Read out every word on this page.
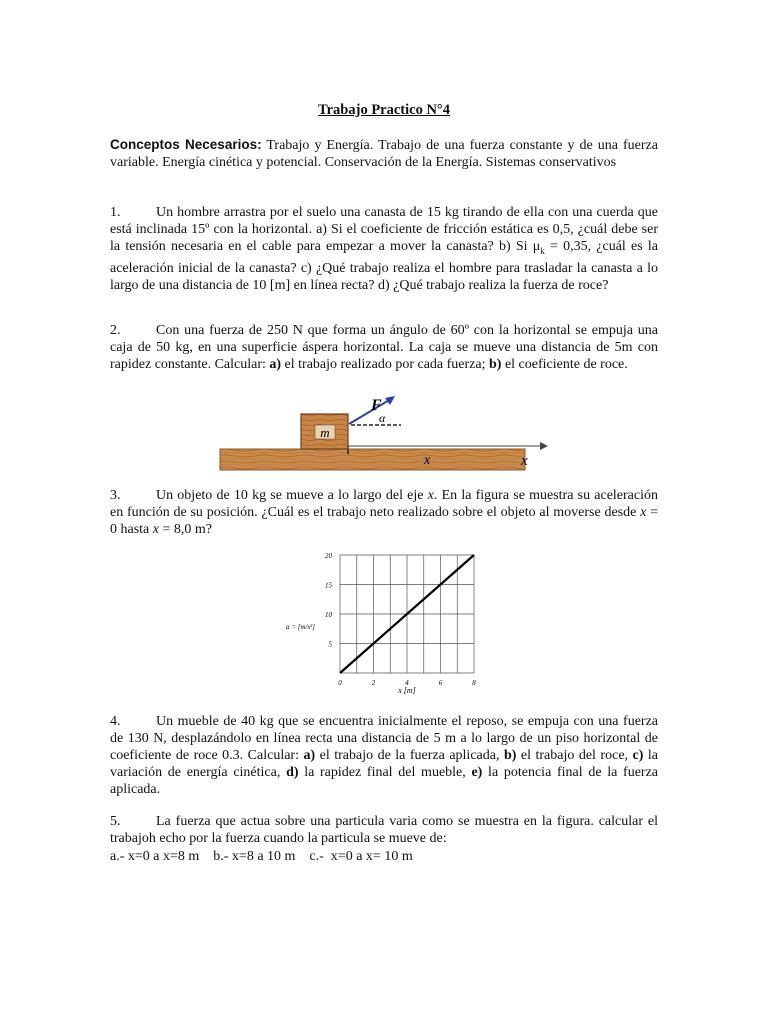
Trabajo Practico N°4
Conceptos Necesarios: Trabajo y Energía. Trabajo de una fuerza constante y de una fuerza variable. Energía cinética y potencial. Conservación de la Energía. Sistemas conservativos
1.	Un hombre arrastra por el suelo una canasta de 15 kg tirando de ella con una cuerda que está inclinada 15º con la horizontal. a) Si el coeficiente de fricción estática es 0,5, ¿cuál debe ser la tensión necesaria en el cable para empezar a mover la canasta? b) Si $\mu_k = 0,35$, ¿cuál es la aceleración inicial de la canasta? c) ¿Qué trabajo realiza el hombre para trasladar la canasta a lo largo de una distancia de 10 [m] en línea recta? d) ¿Qué trabajo realiza la fuerza de roce?
2.	Con una fuerza de 250 N que forma un ángulo de 60º con la horizontal se empuja una caja de 50 kg, en una superficie áspera horizontal. La caja se mueve una distancia de 5m con rapidez constante. Calcular: a) el trabajo realizado por cada fuerza; b) el coeficiente de roce.
m
F
α
x	x
3.	Un objeto de 10 kg se mueve a lo largo del eje x. En la figura se muestra su aceleración en función de su posición. ¿Cuál es el trabajo neto realizado sobre el objeto al moverse desde x = 0 hasta x = 8,0 m?
0	2	4	6	8
5
10
15
20
a = [m/s²]
x [m]
4.	Un mueble de 40 kg que se encuentra inicialmente el reposo, se empuja con una fuerza de 130 N, desplazándolo en línea recta una distancia de 5 m a lo largo de un piso horizontal de coeficiente de roce 0.3. Calcular: a) el trabajo de la fuerza aplicada, b) el trabajo del roce, c) la variación de energía cinética, d) la rapidez final del mueble, e) la potencia final de la fuerza aplicada.
5.	La fuerza que actua sobre una particula varia como se muestra en la figura. calcular el trabajoh echo por la fuerza cuando la particula se mueve de:
a.- x=0 a x=8 m    b.- x=8 a 10 m    c.-  x=0 a x= 10 m
